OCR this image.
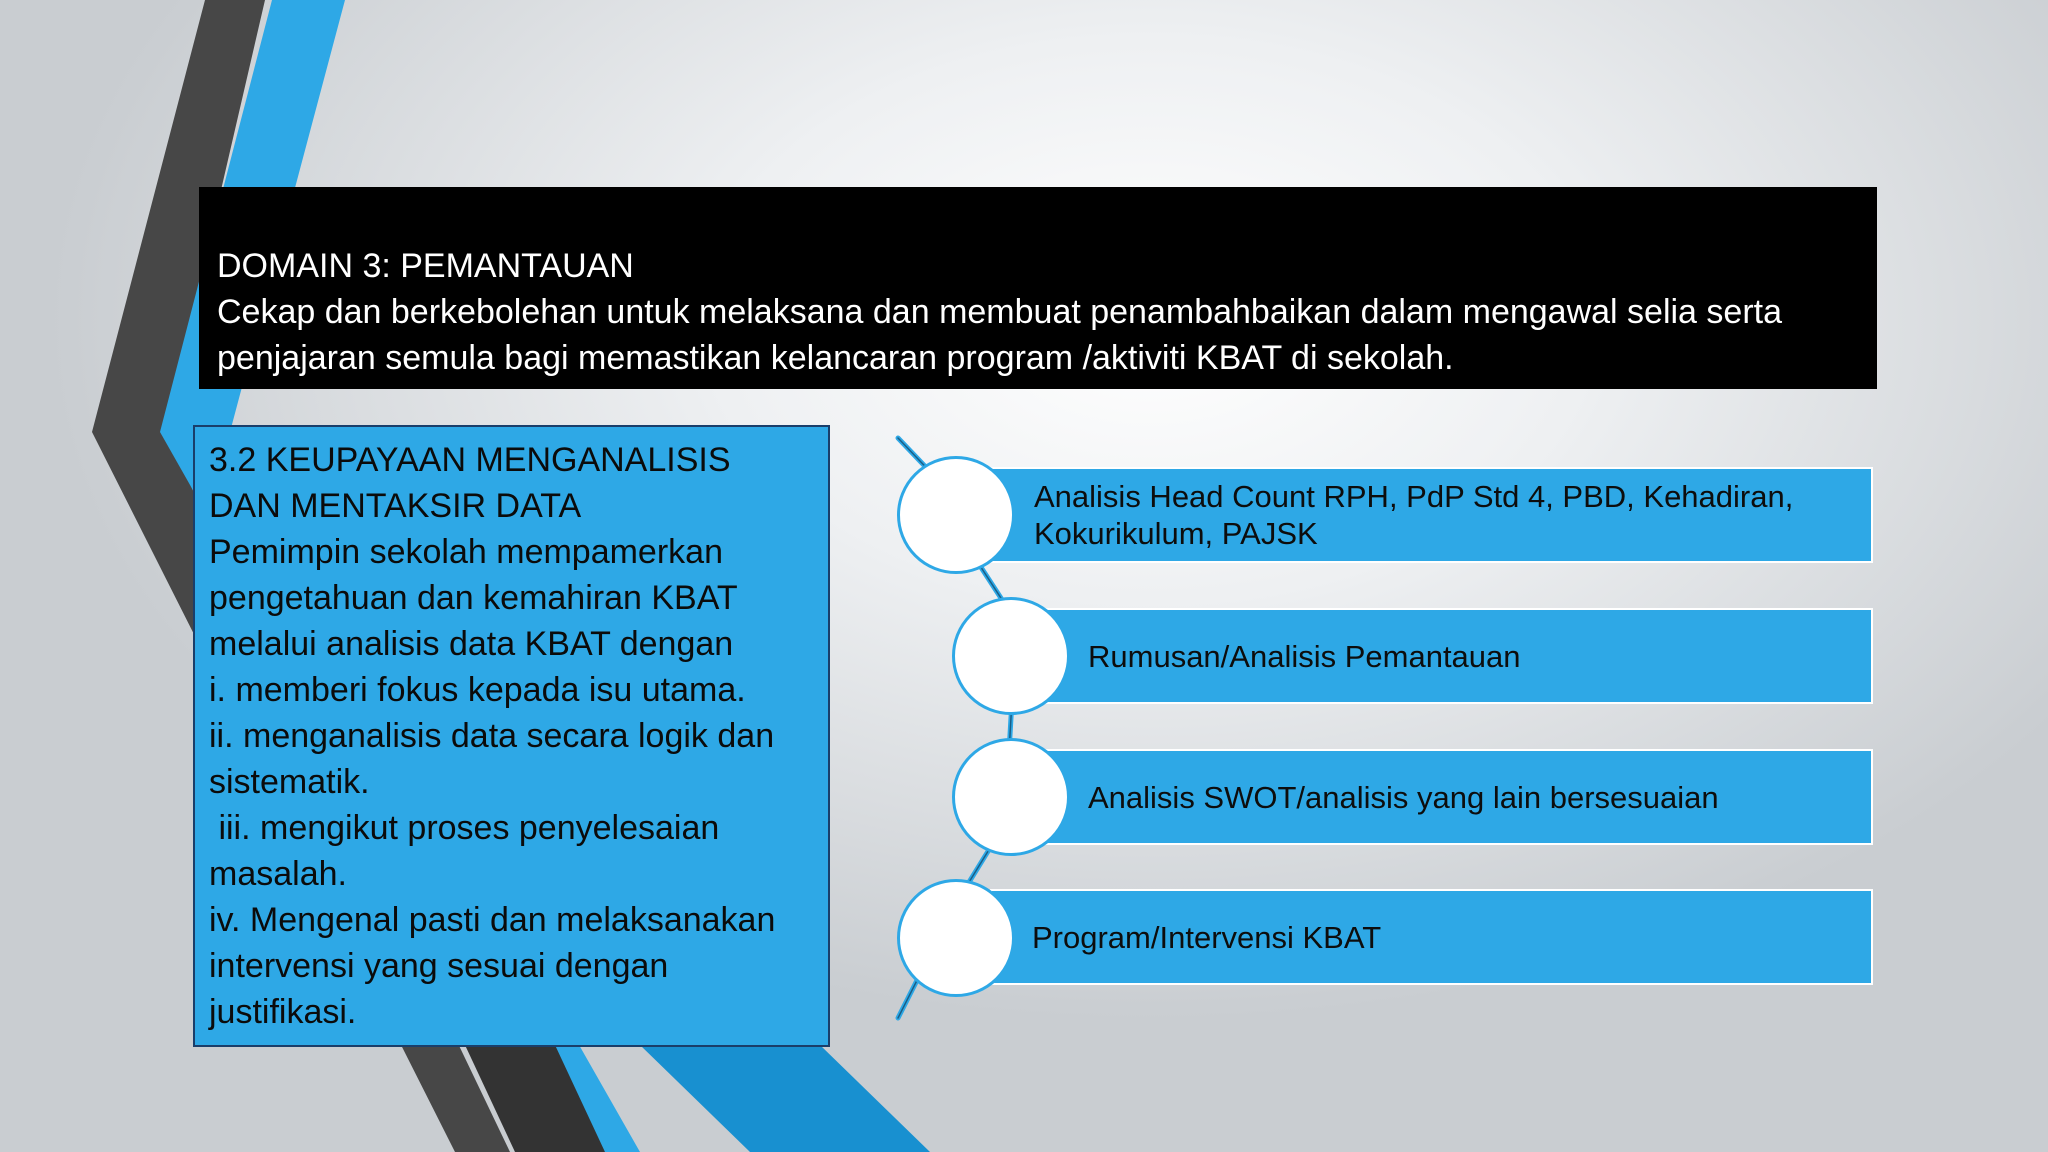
DOMAIN 3: PEMANTAUAN
Cekap dan berkebolehan untuk melaksana dan membuat penambahbaikan dalam mengawal selia serta
penjajaran semula bagi memastikan kelancaran program /aktiviti KBAT di sekolah.
3.2 KEUPAYAAN MENGANALISIS
DAN MENTAKSIR DATA
Pemimpin sekolah mempamerkan
pengetahuan dan kemahiran KBAT
melalui analisis data KBAT dengan
i. memberi fokus kepada isu utama.
ii. menganalisis data secara logik dan
sistematik.
iii. mengikut proses penyelesaian
masalah.
iv. Mengenal pasti dan melaksanakan
intervensi yang sesuai dengan
justifikasi.
Analisis Head Count RPH, PdP Std 4, PBD, Kehadiran,
Kokurikulum, PAJSK
Rumusan/Analisis Pemantauan
Analisis SWOT/analisis yang lain bersesuaian
Program/Intervensi KBAT
